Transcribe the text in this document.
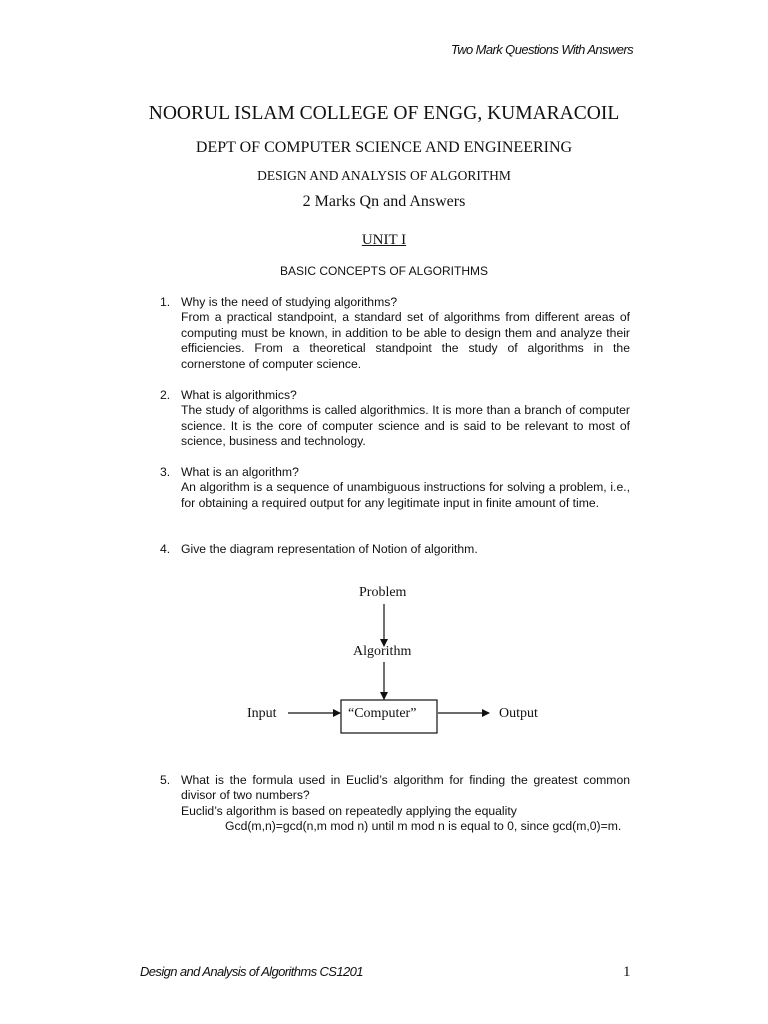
Two Mark Questions With Answers
NOORUL ISLAM COLLEGE OF ENGG, KUMARACOIL
DEPT OF COMPUTER SCIENCE AND ENGINEERING
DESIGN AND ANALYSIS OF ALGORITHM
2 Marks Qn and Answers
UNIT I
BASIC CONCEPTS OF ALGORITHMS
1. Why is the need of studying algorithms?
From a practical standpoint, a standard set of algorithms from different areas of computing must be known, in addition to be able to design them and analyze their efficiencies. From a theoretical standpoint the study of algorithms in the cornerstone of computer science.
2. What is algorithmics?
The study of algorithms is called algorithmics. It is more than a branch of computer science. It is the core of computer science and is said to be relevant to most of science, business and technology.
3. What is an algorithm?
An algorithm is a sequence of unambiguous instructions for solving a problem, i.e., for obtaining a required output for any legitimate input in finite amount of time.
4. Give the diagram representation of Notion of algorithm.
Problem
Algorithm
Input	“Computer”	Output
5. What is the formula used in Euclid’s algorithm for finding the greatest common divisor of two numbers?
Euclid’s algorithm is based on repeatedly applying the equality
Gcd(m,n)=gcd(n,m mod n) until m mod n is equal to 0, since gcd(m,0)=m.
Design and Analysis of Algorithms CS1201	1
